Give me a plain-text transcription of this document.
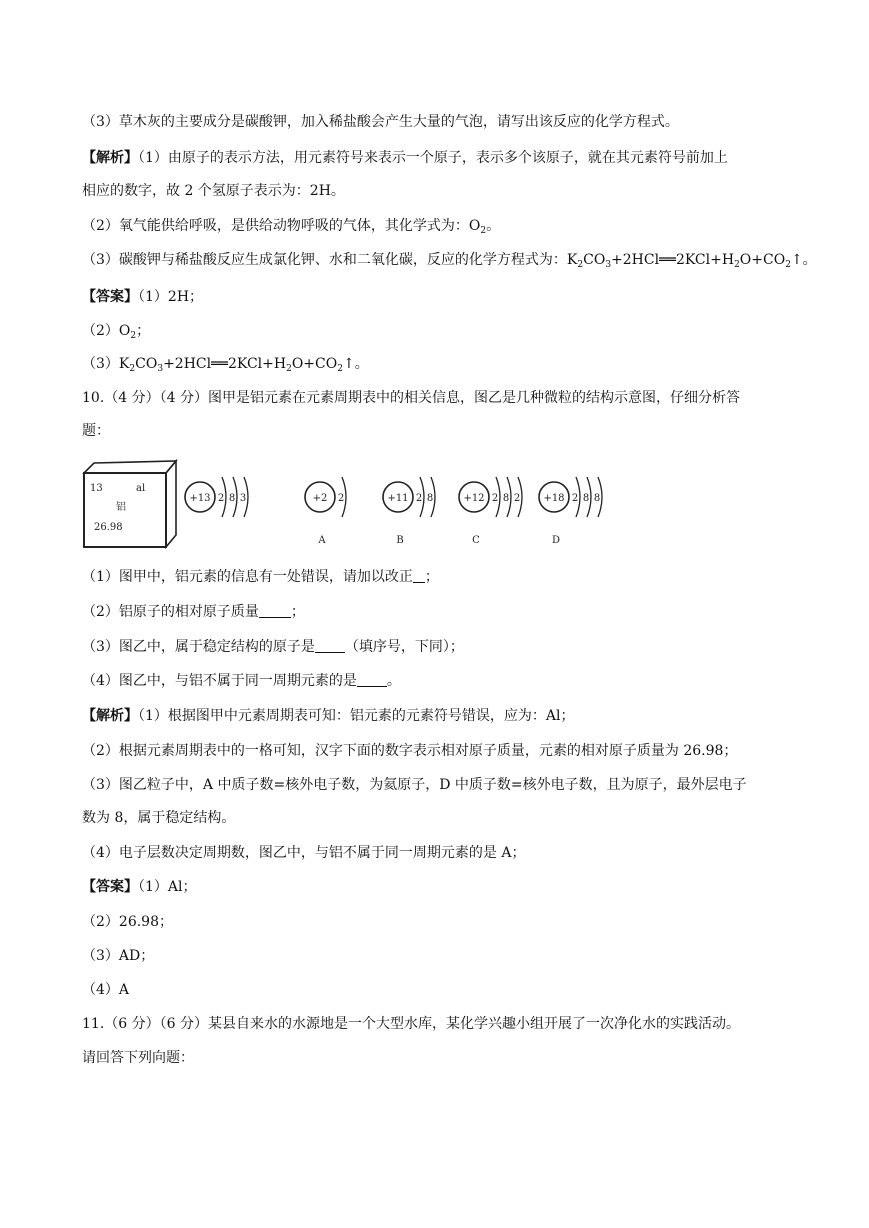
（3）草木灰的主要成分是碳酸钾，加入稀盐酸会产生大量的气泡，请写出该反应的化学方程式。
【解析】（1）由原子的表示方法，用元素符号来表示一个原子，表示多个该原子，就在其元素符号前加上
相应的数字，故 2 个氢原子表示为：2H。
（2）氧气能供给呼吸，是供给动物呼吸的气体，其化学式为：$O_2$。
（3）碳酸钾与稀盐酸反应生成氯化钾、水和二氧化碳，反应的化学方程式为：$K_2CO_3+2HCl══2KCl+H_2O+CO_2↑$。
【答案】（1）2H；
$(2)O_2$；
$(3)K_2CO_3+2HCl══2KCl+H_2O+CO_2↑$。
10.（4 分）（4 分）图甲是铝元素在元素周期表中的相关信息，图乙是几种微粒的结构示意图，仔细分析答
题：
13	al
铝
26.98
+13 2 8 3	+2 2
A
+11 2 8
B
+12 2 8 2
C
+18 2 8 8
D
（1）图甲中，铝元素的信息有一处错误，请加以改正 ；
（2）铝原子的相对原子质量 ；
（3）图乙中，属于稳定结构的原子是 （填序号，下同）；
（4）图乙中，与铝不属于同一周期元素的是 。
【解析】（1）根据图甲中元素周期表可知：铝元素的元素符号错误，应为：Al；
（2）根据元素周期表中的一格可知，汉字下面的数字表示相对原子质量，元素的相对原子质量为 26.98；
（3）图乙粒子中，A 中质子数=核外电子数，为氦原子，D 中质子数=核外电子数，且为原子，最外层电子
数为 8，属于稳定结构。
（4）电子层数决定周期数，图乙中，与铝不属于同一周期元素的是 A；
【答案】（1）Al；
（2）26.98；
（3）AD；
（4）A
11.（6 分）（6 分）某县自来水的水源地是一个大型水库，某化学兴趣小组开展了一次净化水的实践活动。
请回答下列向题：
